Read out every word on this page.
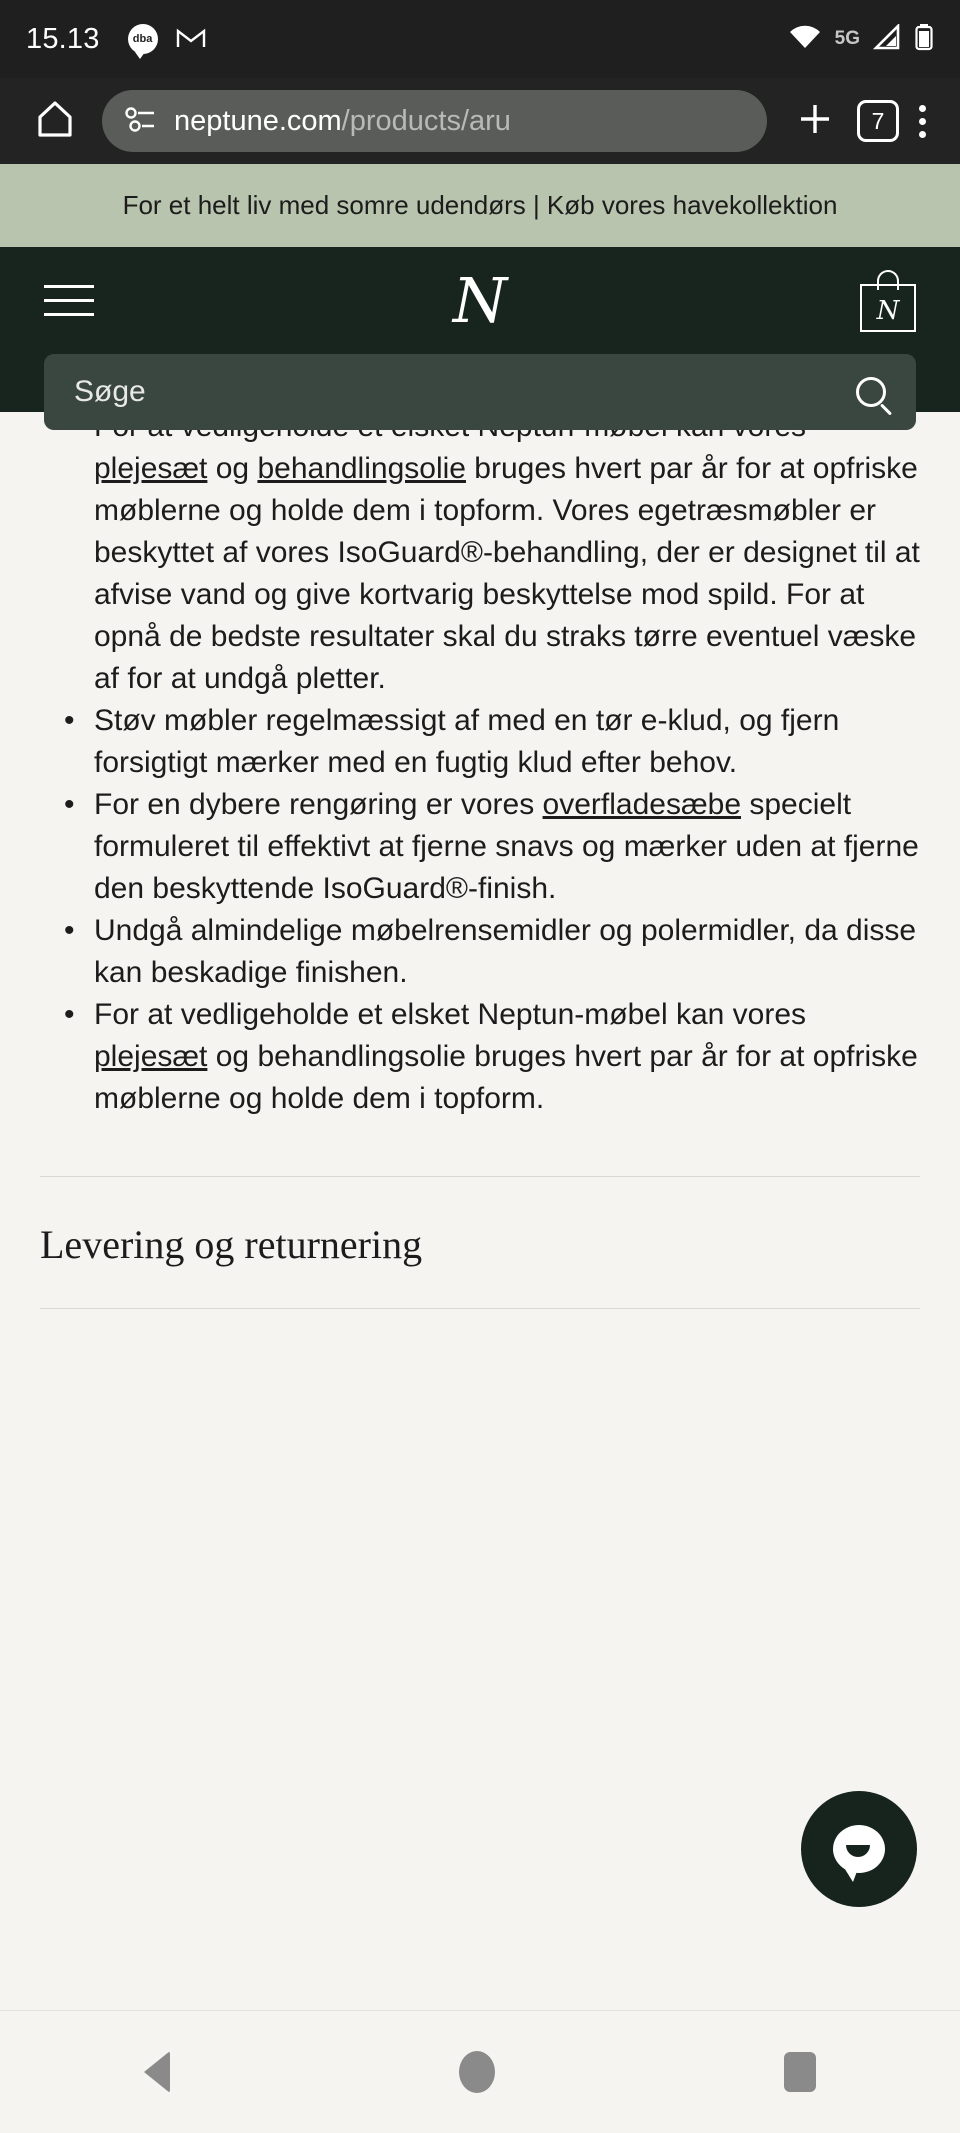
15.13	dba	5G
neptune.com/products/aru	7
For et helt liv med somre udendørs | Køb vores havekollektion
• plejesæt og behandlingsolie bruges hvert par år for at opfriske møblerne og holde dem i topform. Vores egetræsmøbler er beskyttet af vores IsoGuard®-behandling, der er designet til at afvise vand og give kortvarig beskyttelse mod spild. For at opnå de bedste resultater skal du straks tørre eventuel væske af for at undgå pletter.
• Støv møbler regelmæssigt af med en tør e-klud, og fjern forsigtigt mærker med en fugtig klud efter behov.
• For en dybere rengøring er vores overfladesæbe specielt formuleret til effektivt at fjerne snavs og mærker uden at fjerne den beskyttende IsoGuard®-finish.
• Undgå almindelige møbelrensemidler og polermidler, da disse kan beskadige finishen.
• For at vedligeholde et elsket Neptun-møbel kan vores plejesæt og behandlingsolie bruges hvert par år for at opfriske møblerne og holde dem i topform.
Levering og returnering
N	N
Søge
